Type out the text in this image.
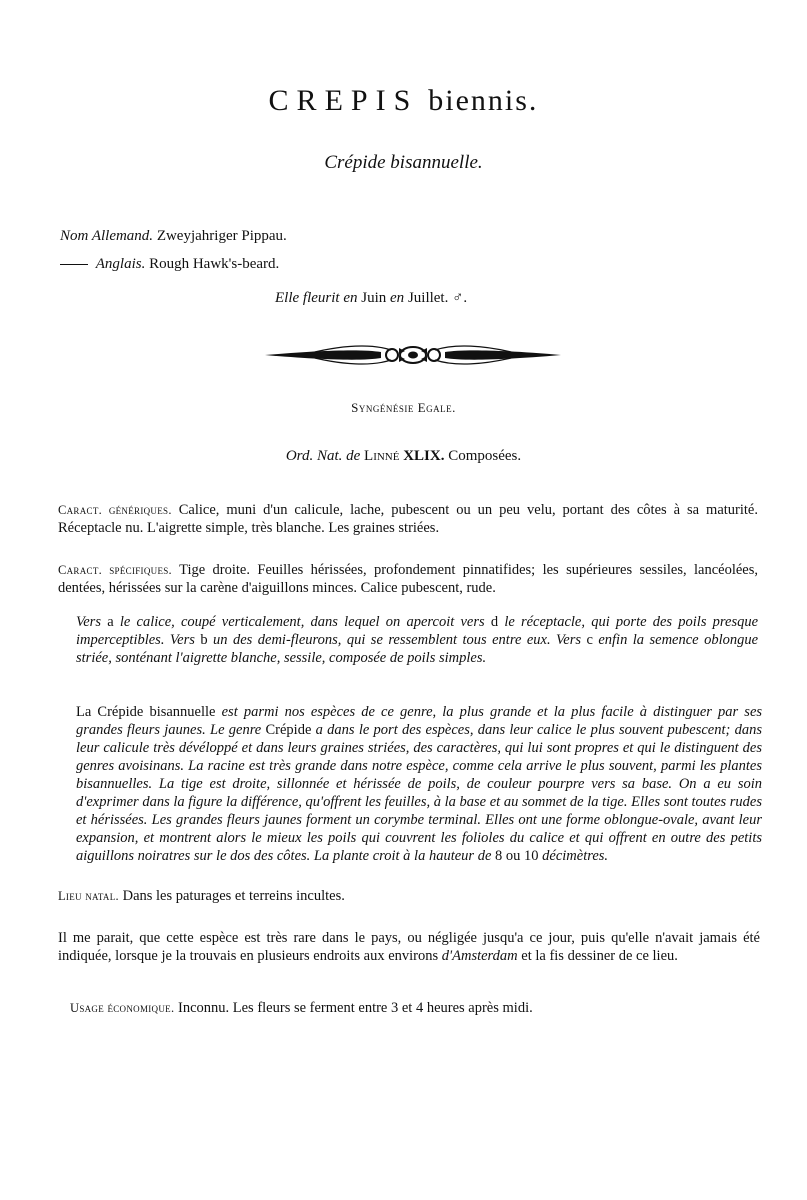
CREPIS biennis.
Crépide bisannuelle.
Nom Allemand. Zweyjahriger Pippau.
Anglais. Rough Hawk's-beard.
Elle fleurit en Juin en Juillet. ♂.
Syngénésie Egale.
Ord. Nat. de Linné XLIX. Composées.

Caract. génériques. Calice, muni d'un calicule, lache, pubescent ou un peu velu, portant des côtes à sa maturité. Réceptacle nu. L'aigrette simple, très blanche. Les graines striées.

Caract. spécifiques. Tige droite. Feuilles hérissées, profondement pinnatifides; les supérieures sessiles, lancéolées, dentées, hérissées sur la carène d'aiguillons minces. Calice pubescent, rude.

Vers a le calice, coupé verticalement, dans lequel on apercoit vers d le réceptacle, qui porte des poils presque imperceptibles. Vers b un des demi-fleurons, qui se ressemblent tous entre eux. Vers c enfin la semence oblongue striée, sonténant l'aigrette blanche, sessile, composée de poils simples.

La Crépide bisannuelle est parmi nos espèces de ce genre, la plus grande et la plus facile à distinguer par ses grandes fleurs jaunes. Le genre Crépide a dans le port des espèces, dans leur calice le plus souvent pubescent; dans leur calicule très dévéloppé et dans leurs graines striées, des caractères, qui lui sont propres et qui le distinguent des genres avoisinans. La racine est très grande dans notre espèce, comme cela arrive le plus souvent, parmi les plantes bisannuelles. La tige est droite, sillonnée et hérissée de poils, de couleur pourpre vers sa base. On a eu soin d'exprimer dans la figure la différence, qu'offrent les feuilles, à la base et au sommet de la tige. Elles sont toutes rudes et hérissées. Les grandes fleurs jaunes forment un corymbe terminal. Elles ont une forme oblongue-ovale, avant leur expansion, et montrent alors le mieux les poils qui couvrent les folioles du calice et qui offrent en outre des petits aiguillons noiratres sur le dos des côtes. La plante croit à la hauteur de 8 ou 10 décimètres.

Lieu natal. Dans les paturages et terreins incultes.

Il me parait, que cette espèce est très rare dans le pays, ou négligée jusqu'a ce jour, puis qu'elle n'avait jamais été indiquée, lorsque je la trouvais en plusieurs endroits aux environs d'Amsterdam et la fis dessiner de ce lieu.

Usage économique. Inconnu. Les fleurs se ferment entre 3 et 4 heures après midi.
